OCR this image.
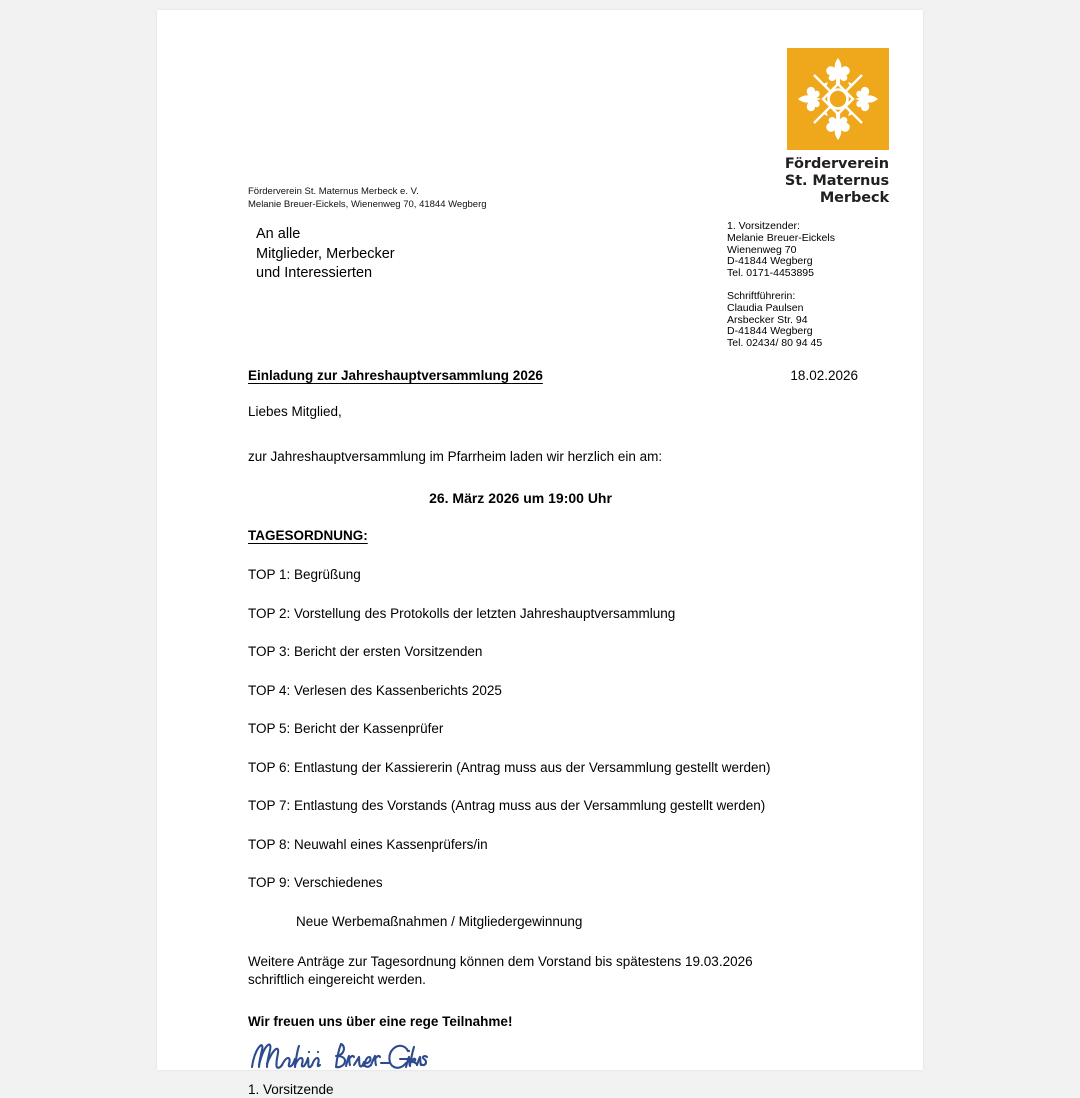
Förderverein
St. Maternus
Merbeck
1. Vorsitzender:
Melanie Breuer-Eickels
Wienenweg 70
D-41844 Wegberg
Tel. 0171-4453895
Schriftführerin:
Claudia Paulsen
Arsbecker Str. 94
D-41844 Wegberg
Tel. 02434/ 80 94 45
Förderverein St. Maternus Merbeck e. V.
Melanie Breuer-Eickels, Wienenweg 70, 41844 Wegberg
An alle
Mitglieder, Merbecker
und Interessierten
Einladung zur Jahreshauptversammlung 2026	18.02.2026

Liebes Mitglied,

zur Jahreshauptversammlung im Pfarrheim laden wir herzlich ein am:

26. März 2026 um 19:00 Uhr

TAGESORDNUNG:
TOP 1: Begrüßung
TOP 2: Vorstellung des Protokolls der letzten Jahreshauptversammlung
TOP 3: Bericht der ersten Vorsitzenden
TOP 4: Verlesen des Kassenberichts 2025
TOP 5: Bericht der Kassenprüfer
TOP 6: Entlastung der Kassiererin (Antrag muss aus der Versammlung gestellt werden)
TOP 7: Entlastung des Vorstands (Antrag muss aus der Versammlung gestellt werden)
TOP 8: Neuwahl eines Kassenprüfers/in
TOP 9: Verschiedenes

Neue Werbemaßnahmen / Mitgliedergewinnung

Weitere Anträge zur Tagesordnung können dem Vorstand bis spätestens 19.03.2026 schriftlich eingereicht werden.

Wir freuen uns über eine rege Teilnahme!

1. Vorsitzende
